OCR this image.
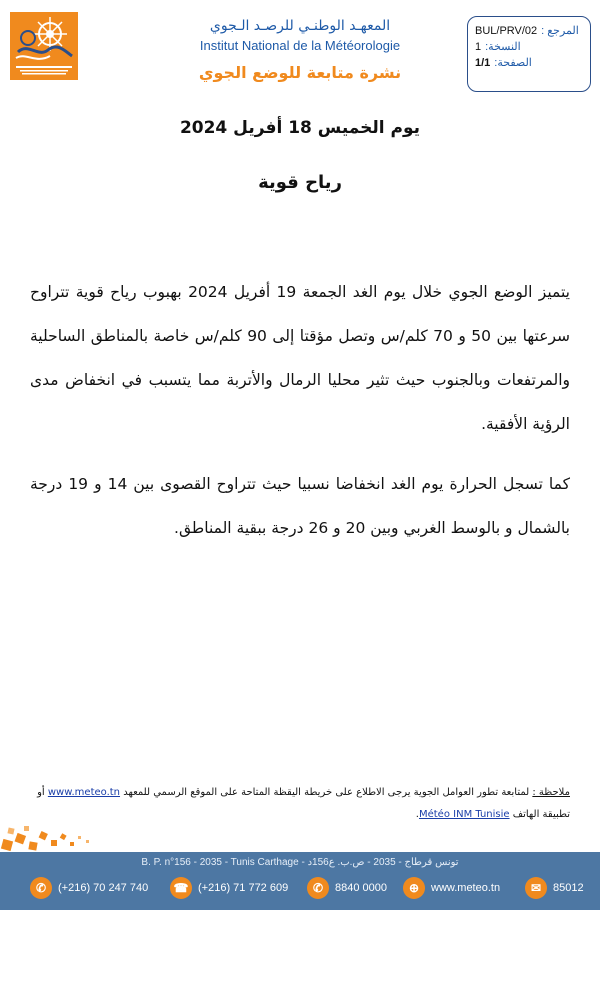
المعهـد الوطنـي للرصـد الـجوي
Institut National de la Météorologie
نشرة متابعة للوضع الجوي
المرجع :
BUL/PRV/02
النسخة:
1
الصفحة:
1/1
يوم الخميس 18 أفريل 2024
رياح قوية

يتميز الوضع الجوي خلال يوم الغد الجمعة 19 أفريل 2024 بهبوب رياح قوية تتراوح سرعتها بين 50 و 70 كلم/س وتصل مؤقتا إلى 90 كلم/س خاصة بالمناطق الساحلية والمرتفعات وبالجنوب حيث تثير محليا الرمال والأتربة مما يتسبب في انخفاض مدى الرؤية الأفقية.

كما تسجل الحرارة يوم الغد انخفاضا نسبيا حيث تتراوح القصوى بين 14 و 19 درجة بالشمال و بالوسط الغربي وبين 20 و 26 درجة ببقية المناطق.

ملاحظة : لمتابعة تطور العوامل الجوية يرجى الاطلاع على خريطة اليقظة المتاحة على الموقع الرسمي للمعهد www.meteo.tn أو تطبيقة الهاتف Météo INM Tunisie.
B. P. n°156 - 2035 - Tunis Carthage - تونس قرطاج - 2035 - ص.ب. ع156د
✆	(+216) 70 247 740 ☎ (+216) 71 772 609	✆	8840 0000	⊕	www.meteo.tn	✉	85012
